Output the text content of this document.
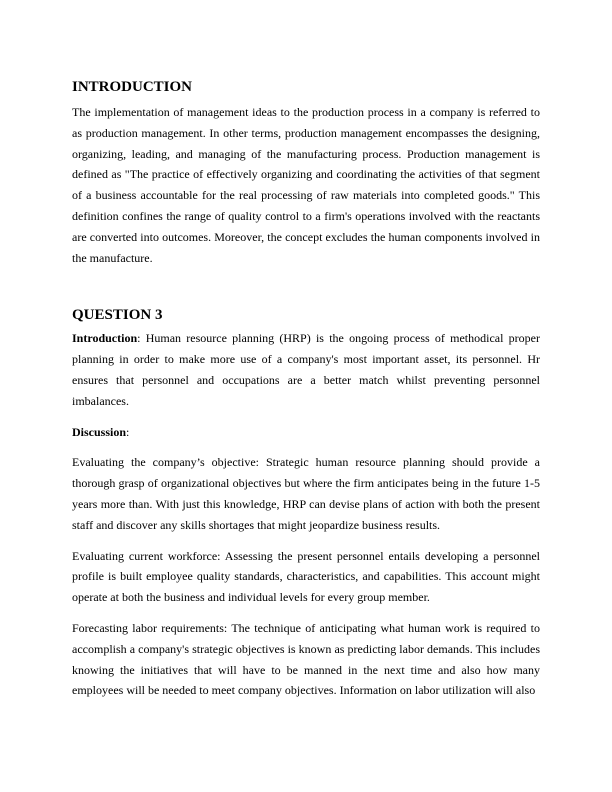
INTRODUCTION

The implementation of management ideas to the production process in a company is referred to as production management. In other terms, production management encompasses the designing, organizing, leading, and managing of the manufacturing process. Production management is defined as "The practice of effectively organizing and coordinating the activities of that segment of a business accountable for the real processing of raw materials into completed goods." This definition confines the range of quality control to a firm's operations involved with the reactants are converted into outcomes. Moreover, the concept excludes the human components involved in the manufacture.

QUESTION 3

Introduction: Human resource planning (HRP) is the ongoing process of methodical proper planning in order to make more use of a company's most important asset, its personnel. Hr ensures that personnel and occupations are a better match whilst preventing personnel imbalances.

Discussion:

Evaluating the company’s objective: Strategic human resource planning should provide a thorough grasp of organizational objectives but where the firm anticipates being in the future 1-5 years more than. With just this knowledge, HRP can devise plans of action with both the present staff and discover any skills shortages that might jeopardize business results.

Evaluating current workforce: Assessing the present personnel entails developing a personnel profile is built employee quality standards, characteristics, and capabilities. This account might operate at both the business and individual levels for every group member.

Forecasting labor requirements: The technique of anticipating what human work is required to accomplish a company's strategic objectives is known as predicting labor demands. This includes knowing the initiatives that will have to be manned in the next time and also how many employees will be needed to meet company objectives. Information on labor utilization will also
